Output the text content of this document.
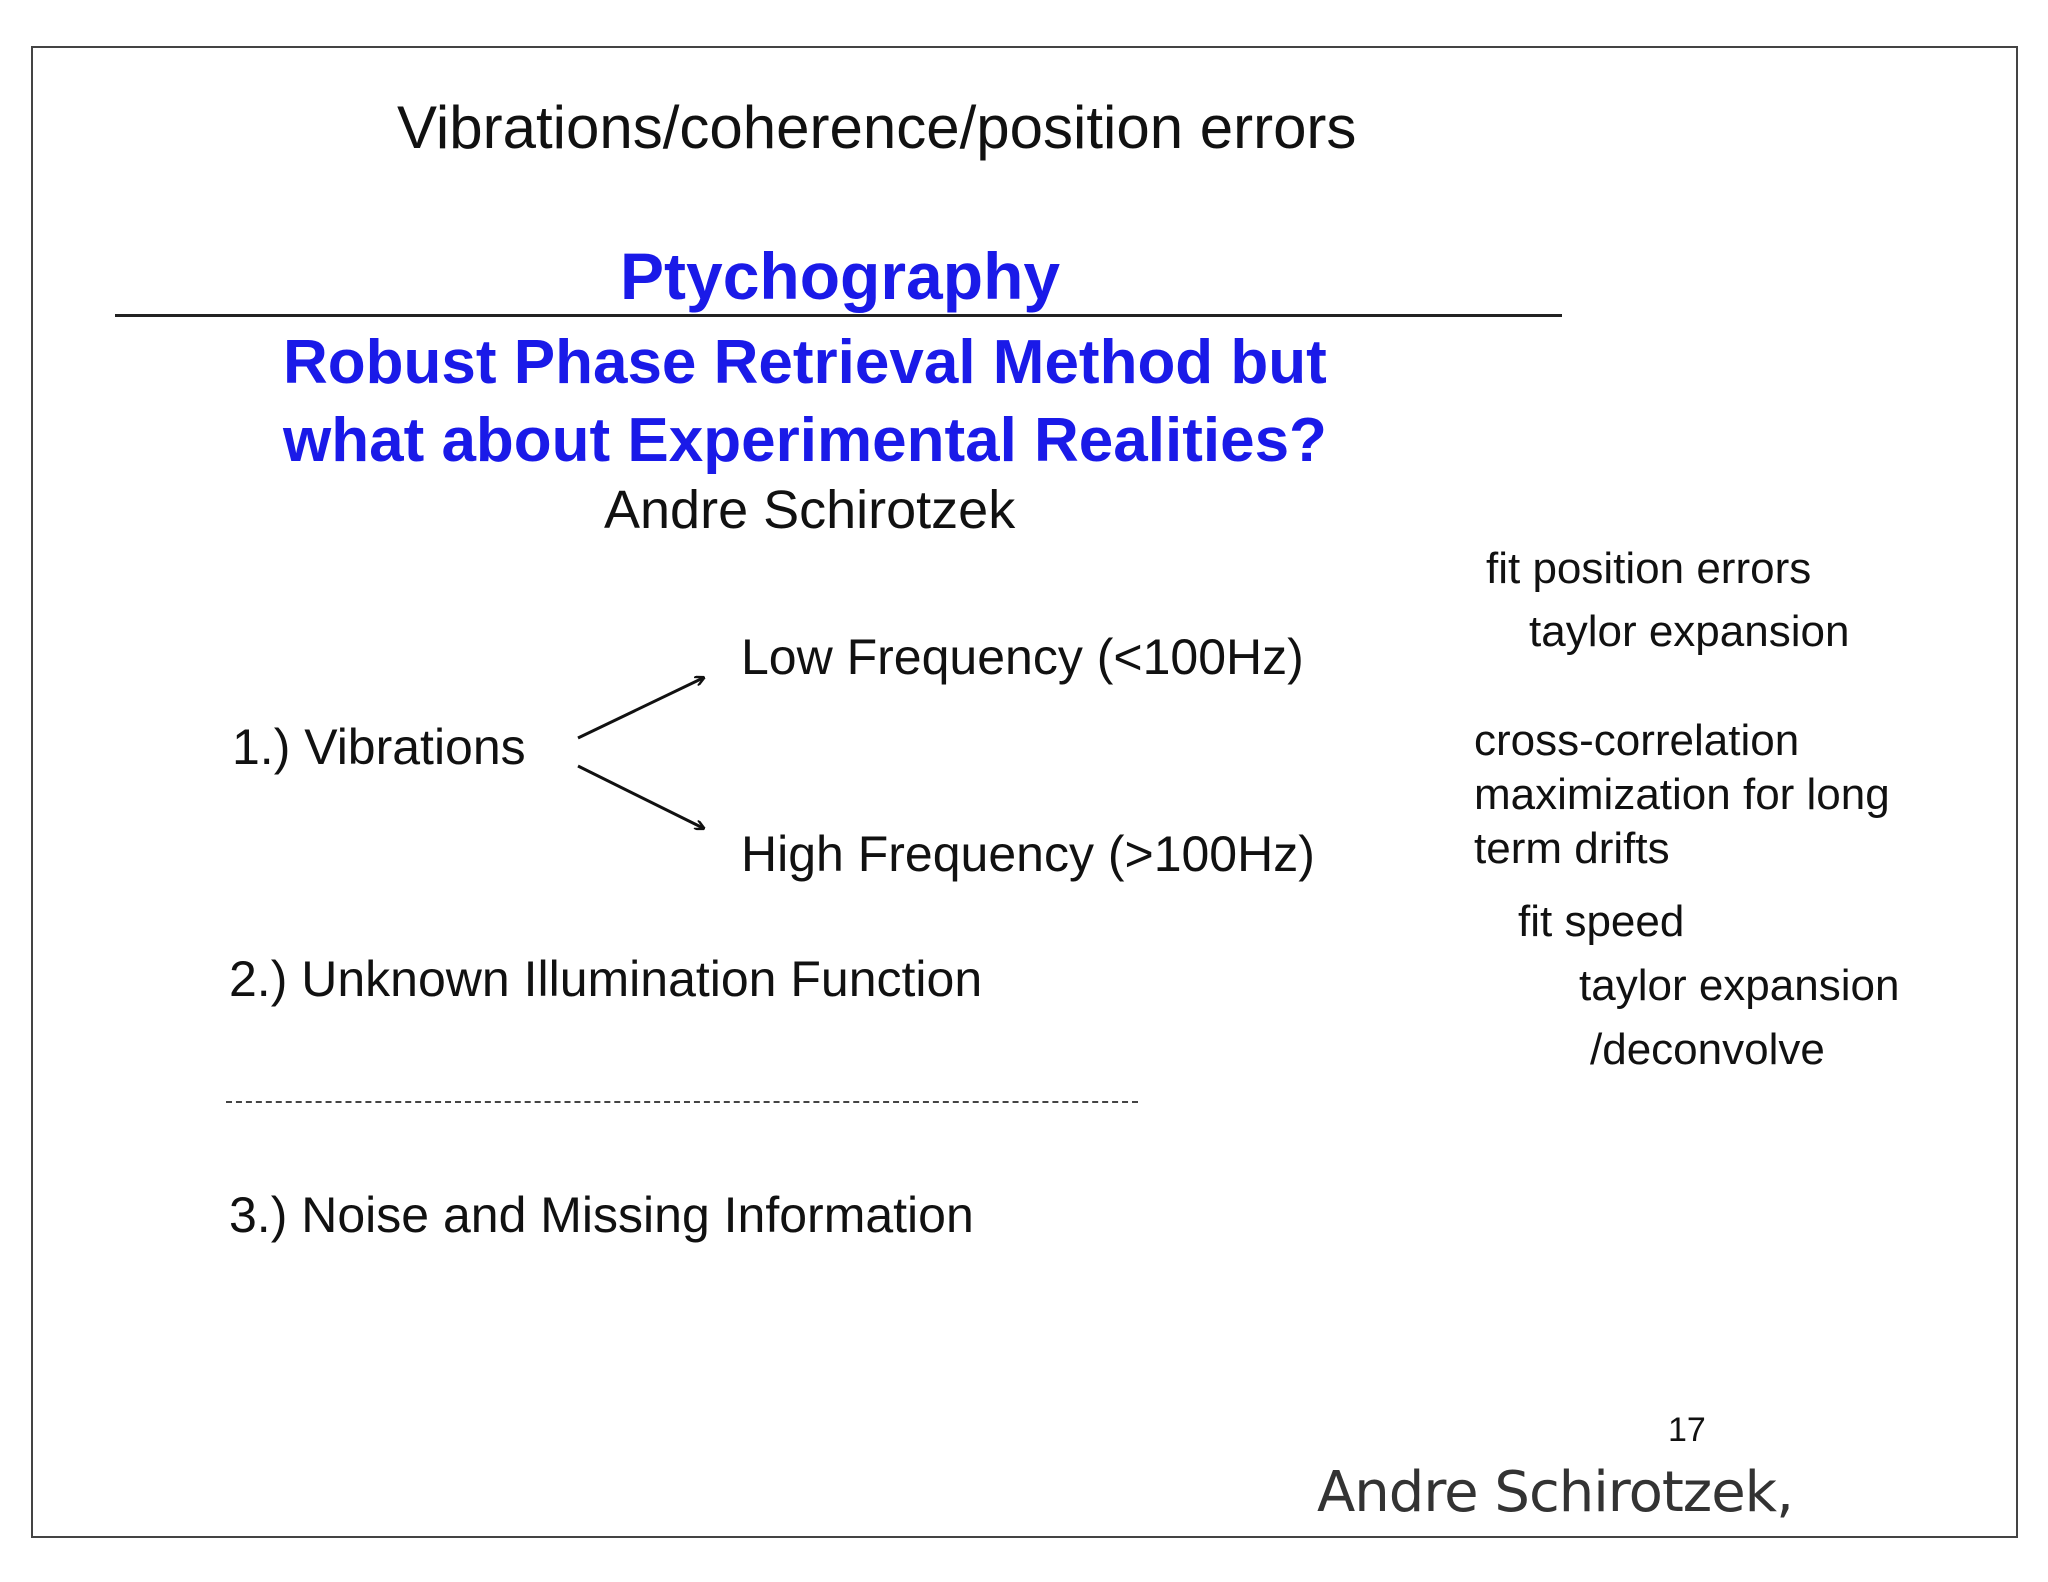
Vibrations/coherence/position errors
Ptychography
Robust Phase Retrieval Method but
what about Experimental Realities?
Andre Schirotzek
1.) Vibrations
Low Frequency (<100Hz)
High Frequency (>100Hz)
2.) Unknown Illumination Function
3.) Noise and Missing Information
fit position errors
taylor expansion
cross-correlation
maximization for long
term drifts
fit speed
taylor expansion
/deconvolve
17
Andre Schirotzek,
